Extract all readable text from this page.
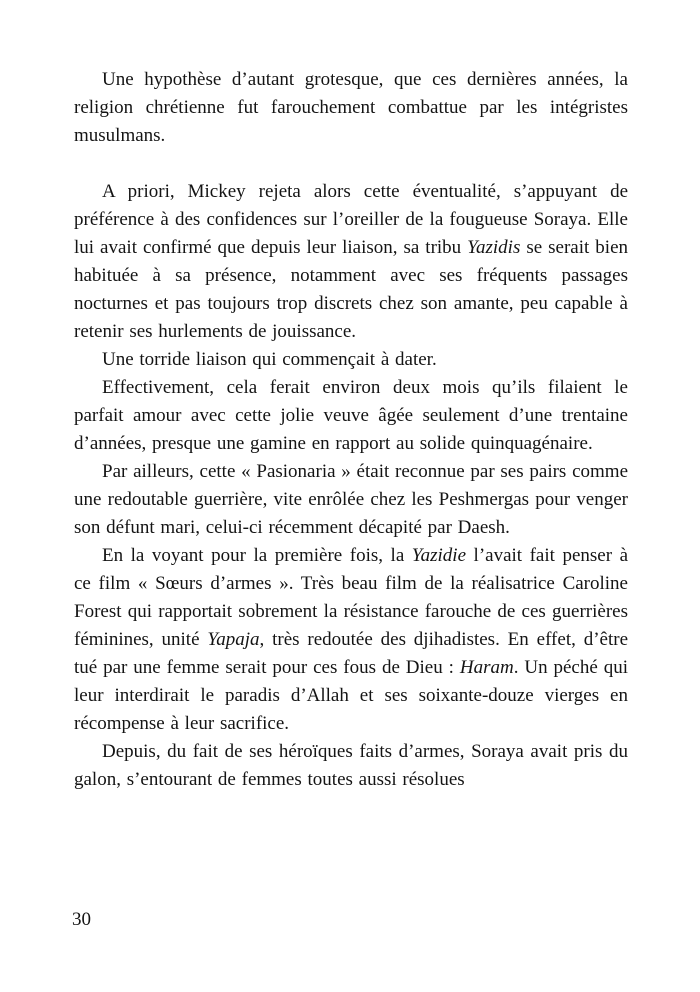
Une hypothèse d’autant grotesque, que ces dernières années, la religion chrétienne fut farouchement combattue par les intégristes musulmans.

A priori, Mickey rejeta alors cette éventualité, s’appuyant de préférence à des confidences sur l’oreiller de la fougueuse Soraya. Elle lui avait confirmé que depuis leur liaison, sa tribu Yazidis se serait bien habituée à sa présence, notamment avec ses fréquents passages nocturnes et pas toujours trop discrets chez son amante, peu capable à retenir ses hurlements de jouissance.

Une torride liaison qui commençait à dater.

Effectivement, cela ferait environ deux mois qu’ils filaient le parfait amour avec cette jolie veuve âgée seulement d’une trentaine d’années, presque une gamine en rapport au solide quinquagénaire.

Par ailleurs, cette « Pasionaria » était reconnue par ses pairs comme une redoutable guerrière, vite enrôlée chez les Peshmergas pour venger son défunt mari, celui-ci récemment décapité par Daesh.

En la voyant pour la première fois, la Yazidie l’avait fait penser à ce film « Sœurs d’armes ». Très beau film de la réalisatrice Caroline Forest qui rapportait sobrement la résistance farouche de ces guerrières féminines, unité Yapaja, très redoutée des djihadistes. En effet, d’être tué par une femme serait pour ces fous de Dieu : Haram. Un péché qui leur interdirait le paradis d’Allah et ses soixante-douze vierges en récompense à leur sacrifice.

Depuis, du fait de ses héroïques faits d’armes, Soraya avait pris du galon, s’entourant de femmes toutes aussi résolues

30
